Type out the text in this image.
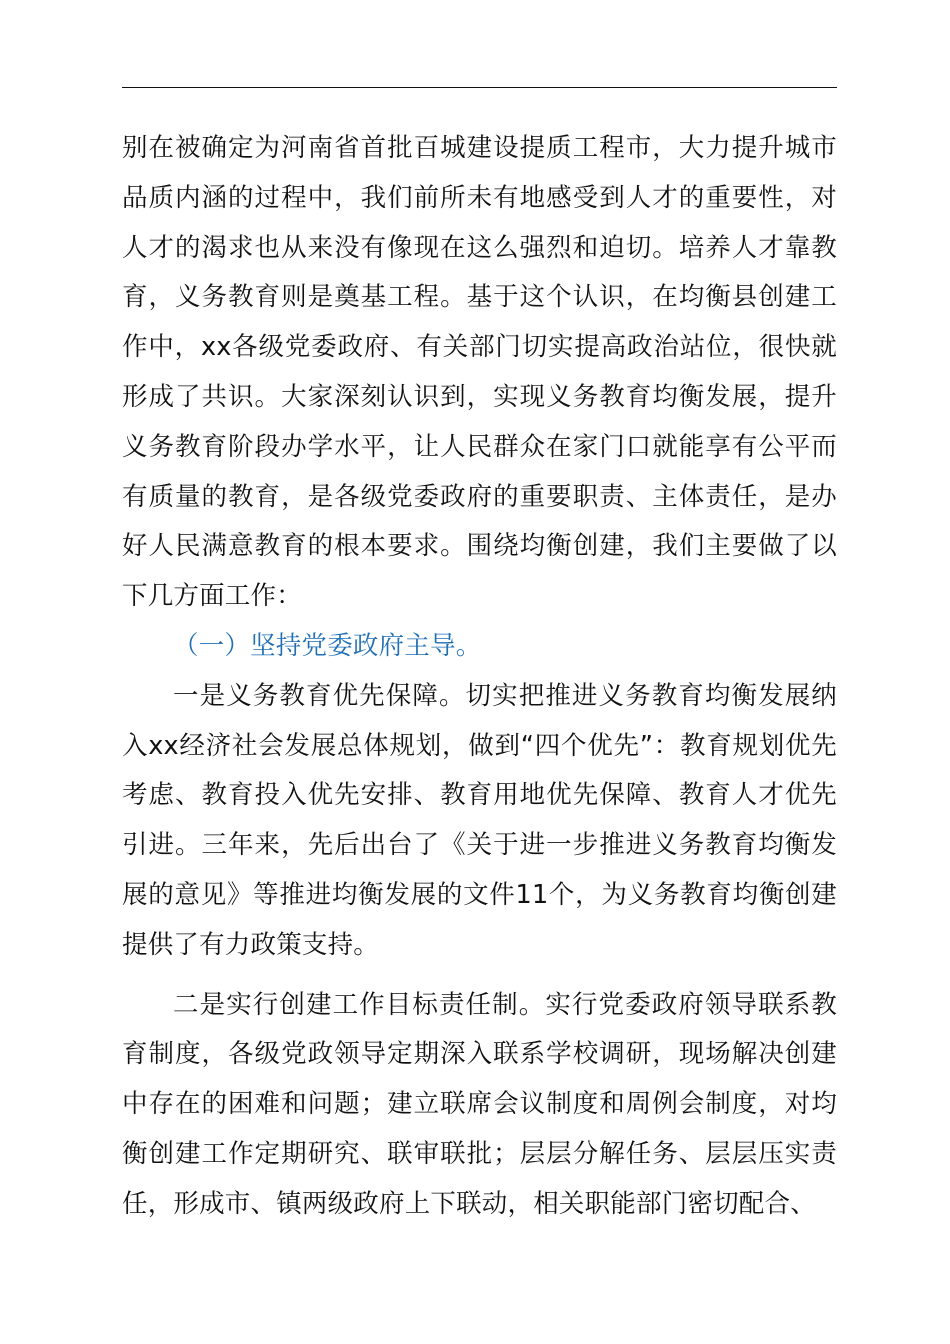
别在被确定为河南省首批百城建设提质工程市，大力提升城市品质内涵的过程中，我们前所未有地感受到人才的重要性，对人才的渴求也从来没有像现在这么强烈和迫切。培养人才靠教育，义务教育则是奠基工程。基于这个认识，在均衡县创建工作中，xx各级党委政府、有关部门切实提高政治站位，很快就形成了共识。大家深刻认识到，实现义务教育均衡发展，提升义务教育阶段办学水平，让人民群众在家门口就能享有公平而有质量的教育，是各级党委政府的重要职责、主体责任，是办好人民满意教育的根本要求。围绕均衡创建，我们主要做了以下几方面工作：

（一）坚持党委政府主导。

一是义务教育优先保障。切实把推进义务教育均衡发展纳入xx经济社会发展总体规划，做到“四个优先”：教育规划优先考虑、教育投入优先安排、教育用地优先保障、教育人才优先引进。三年来，先后出台了《关于进一步推进义务教育均衡发展的意见》等推进均衡发展的文件11个，为义务教育均衡创建提供了有力政策支持。

二是实行创建工作目标责任制。实行党委政府领导联系教育制度，各级党政领导定期深入联系学校调研，现场解决创建中存在的困难和问题；建立联席会议制度和周例会制度，对均衡创建工作定期研究、联审联批；层层分解任务、层层压实责任，形成市、镇两级政府上下联动，相关职能部门密切配合、
